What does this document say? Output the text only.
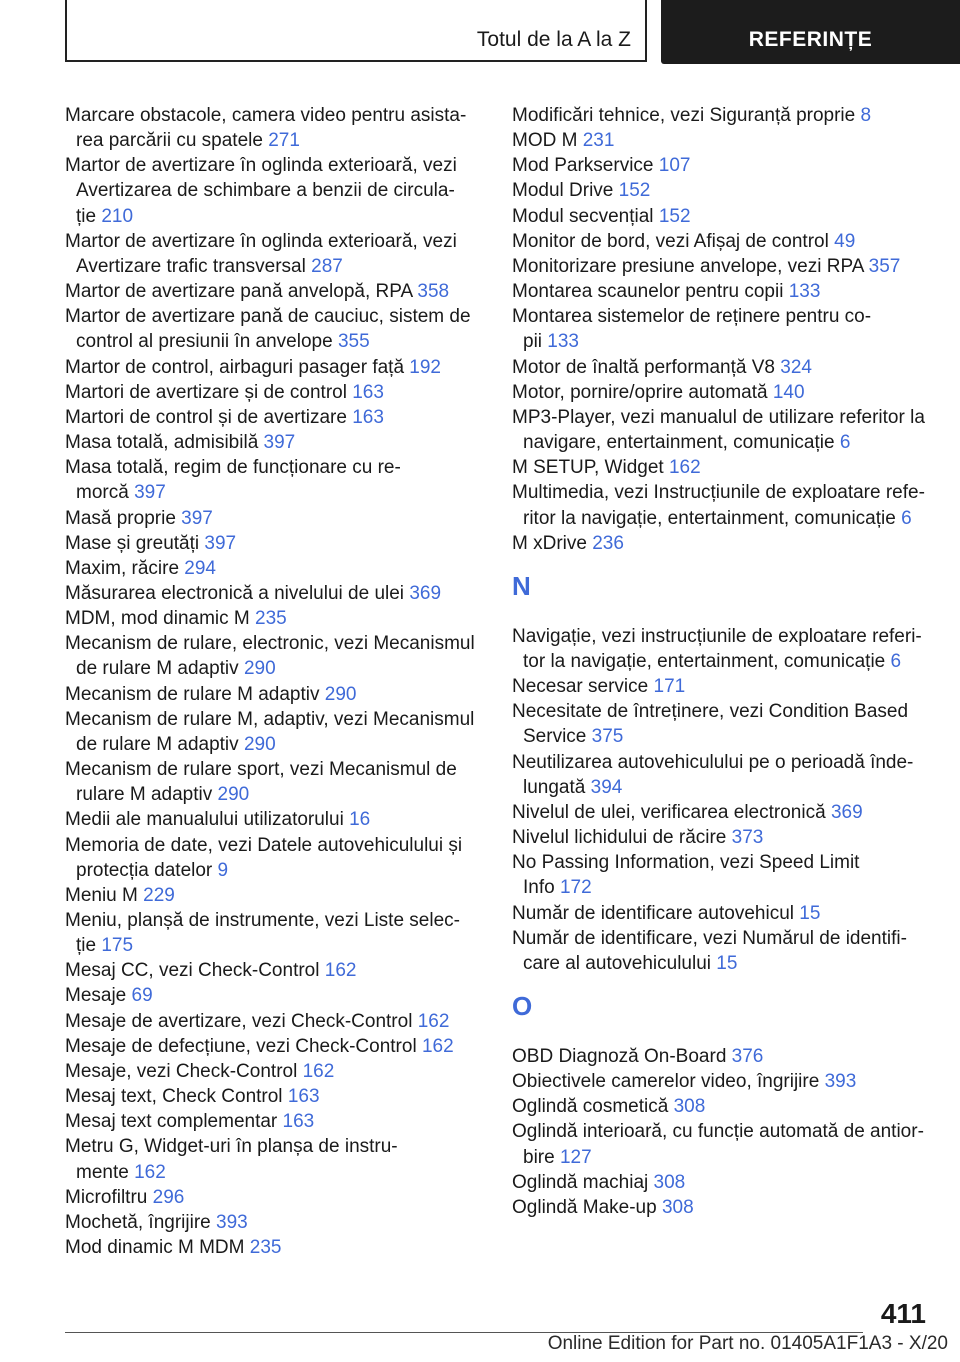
Totul de la A la Z	REFERINȚE

Marcare obstacole, camera video pentru asista-
rea parcării cu spatele 271

Martor de avertizare în oglinda exterioară, vezi
Avertizarea de schimbare a benzii de circula-
ție 210

Martor de avertizare în oglinda exterioară, vezi
Avertizare trafic transversal 287

Martor de avertizare pană anvelopă, RPA 358

Martor de avertizare pană de cauciuc, sistem de
control al presiunii în anvelope 355

Martor de control, airbaguri pasager față 192

Martori de avertizare și de control 163

Martori de control și de avertizare 163

Masa totală, admisibilă 397

Masa totală, regim de funcționare cu re-
morcă 397

Masă proprie 397

Mase și greutăți 397

Maxim, răcire 294

Măsurarea electronică a nivelului de ulei 369

MDM, mod dinamic M 235

Mecanism de rulare, electronic, vezi Mecanismul
de rulare M adaptiv 290

Mecanism de rulare M adaptiv 290

Mecanism de rulare M, adaptiv, vezi Mecanismul
de rulare M adaptiv 290

Mecanism de rulare sport, vezi Mecanismul de
rulare M adaptiv 290

Medii ale manualului utilizatorului 16

Memoria de date, vezi Datele autovehiculului și
protecția datelor 9

Meniu M 229

Meniu, planșă de instrumente, vezi Liste selec-
ție 175

Mesaj CC, vezi Check-Control 162

Mesaje 69

Mesaje de avertizare, vezi Check-Control 162

Mesaje de defecțiune, vezi Check-Control 162

Mesaje, vezi Check-Control 162

Mesaj text, Check Control 163

Mesaj text complementar 163

Metru G, Widget-uri în planșa de instru-
mente 162

Microfiltru 296

Mochetă, îngrijire 393

Mod dinamic M MDM 235

Modificări tehnice, vezi Siguranță proprie 8

MOD M 231

Mod Parkservice 107

Modul Drive 152

Modul secvențial 152

Monitor de bord, vezi Afișaj de control 49

Monitorizare presiune anvelope, vezi RPA 357

Montarea scaunelor pentru copii 133

Montarea sistemelor de reținere pentru co-
pii 133

Motor de înaltă performanță V8 324

Motor, pornire/oprire automată 140

MP3-Player, vezi manualul de utilizare referitor la
navigare, entertainment, comunicație 6

M SETUP, Widget 162

Multimedia, vezi Instrucțiunile de exploatare refe-
ritor la navigație, entertainment, comunicație 6

M xDrive 236

N

Navigație, vezi instrucțiunile de exploatare referi-
tor la navigație, entertainment, comunicație 6

Necesar service 171

Necesitate de întreținere, vezi Condition Based
Service 375

Neutilizarea autovehiculului pe o perioadă înde-
lungată 394

Nivelul de ulei, verificarea electronică 369

Nivelul lichidului de răcire 373

No Passing Information, vezi Speed Limit
Info 172

Număr de identificare autovehicul 15

Număr de identificare, vezi Numărul de identifi-
care al autovehiculului 15

O

OBD Diagnoză On-Board 376

Obiectivele camerelor video, îngrijire 393

Oglindă cosmetică 308

Oglindă interioară, cu funcție automată de antior-
bire 127

Oglindă machiaj 308

Oglindă Make-up 308

411
Online Edition for Part no. 01405A1F1A3 - X/20
